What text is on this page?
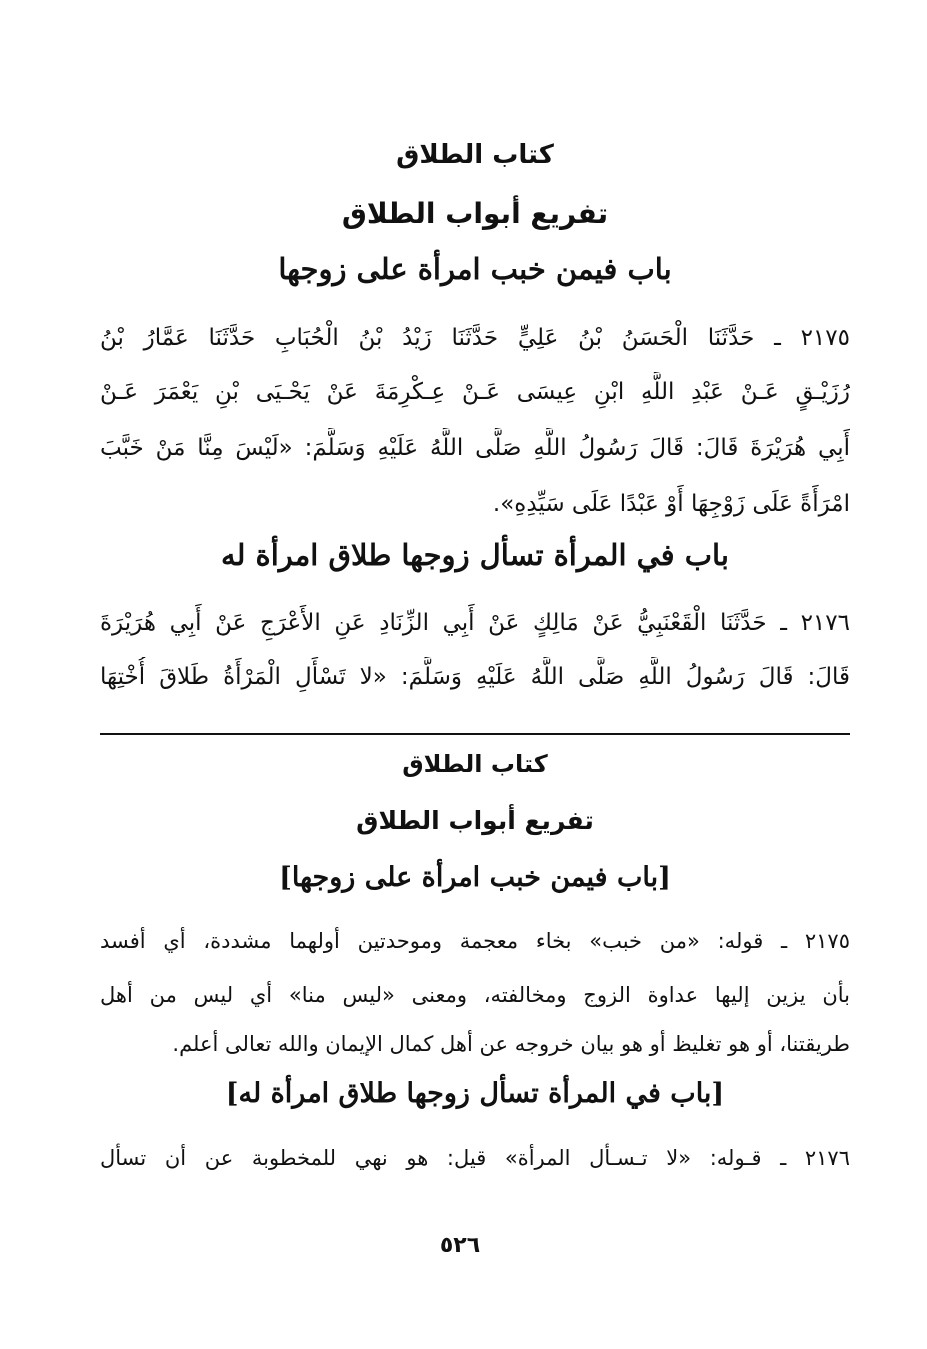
كتاب الطلاق
تفريع أبواب الطلاق
باب فيمن خبب امرأة على زوجها
٢١٧٥ ـ حَدَّثَنَا الْحَسَنُ بْنُ عَلِيٍّ حَدَّثَنَا زَيْدُ بْنُ الْحُبَابِ حَدَّثَنَا عَمَّارُ بْنُ
رُزَيْـقٍ عَـنْ عَبْدِ اللَّهِ ابْنِ عِيسَى عَـنْ عِـكْرِمَةَ عَنْ يَحْـيَى بْنِ يَعْمَرَ عَـنْ
أَبِي هُرَيْرَةَ قَالَ: قَالَ رَسُولُ اللَّهِ صَلَّى اللَّهُ عَلَيْهِ وَسَلَّمَ: «لَيْسَ مِنَّا مَنْ خَبَّبَ
امْرَأَةً عَلَى زَوْجِهَا أَوْ عَبْدًا عَلَى سَيِّدِهِ».
باب في المرأة تسأل زوجها طلاق امرأة له
٢١٧٦ ـ حَدَّثَنَا الْقَعْنَبِيُّ عَنْ مَالِكٍ عَنْ أَبِي الزِّنَادِ عَنِ الأَعْرَجِ عَنْ أَبِي هُرَيْرَةَ
قَالَ: قَالَ رَسُولُ اللَّهِ صَلَّى اللَّهُ عَلَيْهِ وَسَلَّمَ: «لا تَسْأَلِ الْمَرْأَةُ طَلاقَ أُخْتِهَا
كتاب الطلاق
تفريع أبواب الطلاق
[باب فيمن خبب امرأة على زوجها]
٢١٧٥ ـ قوله: «من خبب» بخاء معجمة وموحدتين أولهما مشددة، أي أفسد
بأن يزين إليها عداوة الزوج ومخالفته، ومعنى «ليس منا» أي ليس من أهل
طريقتنا، أو هو تغليظ أو هو بيان خروجه عن أهل كمال الإيمان والله تعالى أعلم.
[باب في المرأة تسأل زوجها طلاق امرأة له]
٢١٧٦ ـ قـوله: «لا تـسـأل المرأة» قيل: هو نهي للمخطوبة عن أن تسأل
٥٢٦
